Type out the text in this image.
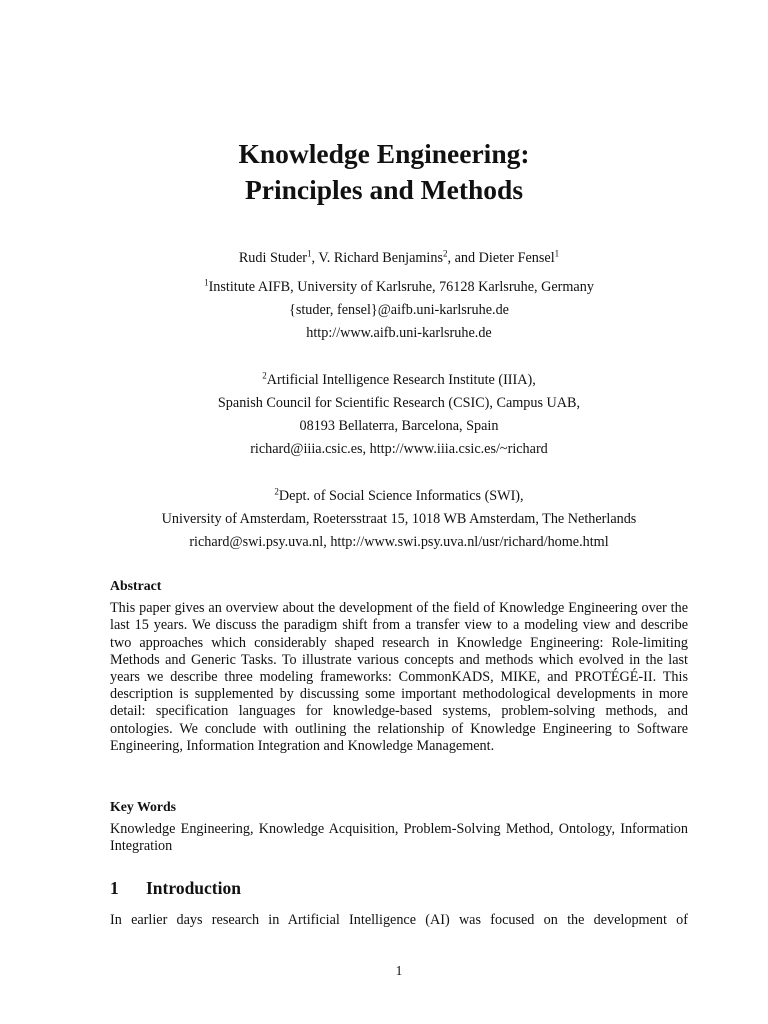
Knowledge Engineering:
Principles and Methods
Rudi Studer$^1$, V. Richard Benjamins$^2$, and Dieter Fensel$^1$
$^1$Institute AIFB, University of Karlsruhe, 76128 Karlsruhe, Germany
{studer, fensel}@aifb.uni-karlsruhe.de
http://www.aifb.uni-karlsruhe.de
$^2$Artificial Intelligence Research Institute (IIIA),
Spanish Council for Scientific Research (CSIC), Campus UAB,
08193 Bellaterra, Barcelona, Spain
richard@iiia.csic.es, http://www.iiia.csic.es/~richard
$^2$Dept. of Social Science Informatics (SWI),
University of Amsterdam, Roetersstraat 15, 1018 WB Amsterdam, The Netherlands
richard@swi.psy.uva.nl, http://www.swi.psy.uva.nl/usr/richard/home.html
Abstract
This paper gives an overview about the development of the field of Knowledge Engineering over the last 15 years. We discuss the paradigm shift from a transfer view to a modeling view and describe two approaches which considerably shaped research in Knowledge Engineering: Role-limiting Methods and Generic Tasks. To illustrate various concepts and methods which evolved in the last years we describe three modeling frameworks: CommonKADS, MIKE, and PROTÉGÉ-II. This description is supplemented by discussing some important methodological developments in more detail: specification languages for knowledge-based systems, problem-solving methods, and ontologies. We conclude with outlining the relationship of Knowledge Engineering to Software Engineering, Information Integration and Knowledge Management.
Key Words
Knowledge Engineering, Knowledge Acquisition, Problem-Solving Method, Ontology, Information Integration
1 Introduction
In earlier days research in Artificial Intelligence (AI) was focused on the development of
1
